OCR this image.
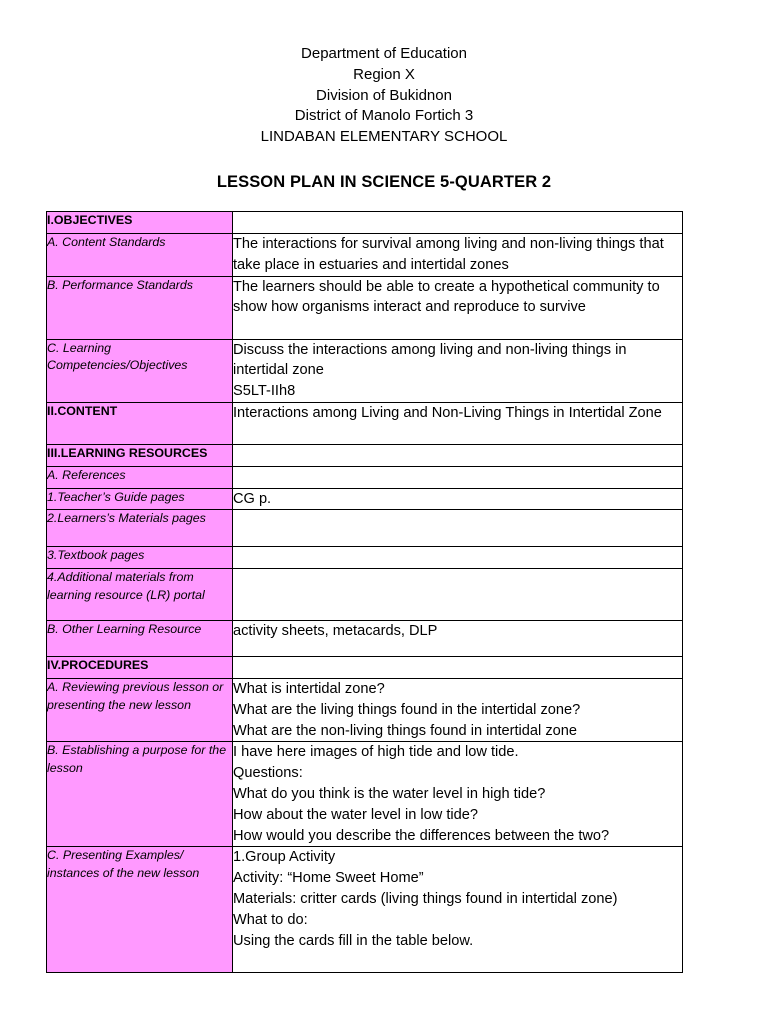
Department of Education
Region X
Division of Bukidnon
District of Manolo Fortich 3
LINDABAN ELEMENTARY SCHOOL
LESSON PLAN IN SCIENCE 5-QUARTER 2
I.OBJECTIVES	

A. Content Standards	The interactions for survival among living and non-living things that take place in estuaries and intertidal zones

B. Performance Standards	The learners should be able to create a hypothetical community to show how organisms interact and reproduce to survive

C. Learning Competencies/Objectives	Discuss the interactions among living and non-living things in intertidal zone
S5LT-IIh8

II.CONTENT	Interactions among Living and Non-Living Things in Intertidal Zone

III.LEARNING RESOURCES	

A. References	

1.Teacher’s Guide pages	CG p.

2.Learners’s Materials pages	

3.Textbook pages	

4.Additional materials from learning resource (LR) portal	

B. Other Learning Resource	activity sheets, metacards, DLP

IV.PROCEDURES	

A. Reviewing previous lesson or presenting the new lesson	What is intertidal zone?
What are the living things found in the intertidal zone?
What are the non-living things found in intertidal zone

B. Establishing a purpose for the lesson	I have here images of high tide and low tide.
Questions:
What do you think is the water level in high tide?
How about the water level in low tide?
How would you describe the differences between the two?

C. Presenting Examples/ instances of the new lesson	1.Group Activity
Activity: “Home Sweet Home”
Materials: critter cards (living things found in intertidal zone)
What to do:
Using the cards fill in the table below.
